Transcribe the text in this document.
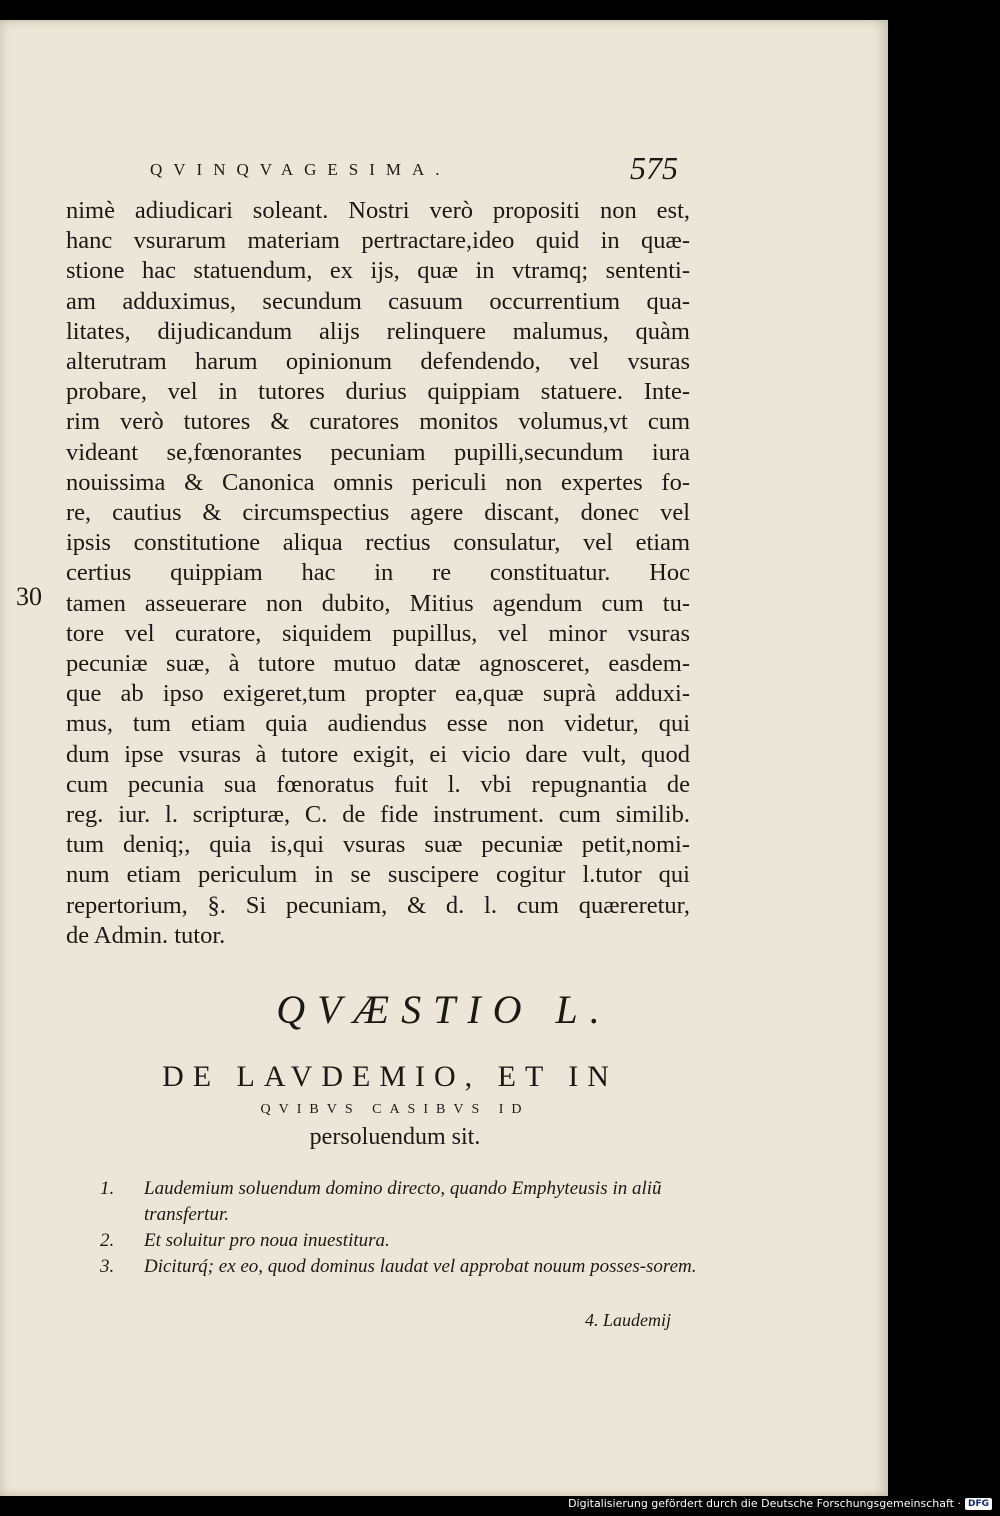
QVINQVAGESIMA.	575
30
nimè adiudicari soleant. Nostri verò propositi non est,
hanc vsurarum materiam pertractare,ideo quid in quæ-
stione hac statuendum, ex ijs, quæ in vtramq; sententi-
am adduximus, secundum casuum occurrentium qua-
litates, dijudicandum alijs relinquere malumus, quàm
alterutram harum opinionum defendendo, vel vsuras
probare, vel in tutores durius quippiam statuere. Inte-
rim verò tutores & curatores monitos volumus,vt cum
videant se,fœnorantes pecuniam pupilli,secundum iura
nouissima & Canonica omnis periculi non expertes fo-
re, cautius & circumspectius agere discant, donec vel
ipsis constitutione aliqua rectius consulatur, vel etiam
certius quippiam hac in re constituatur. Hoc
tamen asseuerare non dubito, Mitius agendum cum tu-
tore vel curatore, siquidem pupillus, vel minor vsuras
pecuniæ suæ, à tutore mutuo datæ agnosceret, easdem-
que ab ipso exigeret,tum propter ea,quæ suprà adduxi-
mus, tum etiam quia audiendus esse non videtur, qui
dum ipse vsuras à tutore exigit, ei vicio dare vult, quod
cum pecunia sua fœnoratus fuit l. vbi repugnantia de
reg. iur. l. scripturæ, C. de fide instrument. cum similib.
tum deniq;, quia is,qui vsuras suæ pecuniæ petit,nomi-
num etiam periculum in se suscipere cogitur l.tutor qui
repertorium, §. Si pecuniam, & d. l. cum quæreretur,
de Admin. tutor.
QVÆSTIO L.
DE LAVDEMIO, ET IN
QVIBVS CASIBVS ID
persoluendum sit.

1. Laudemium soluendum domino directo, quando Emphyteusis in aliũ transfertur.

2. Et soluitur pro noua inuestitura.

3. Diciturq́; ex eo, quod dominus laudat vel approbat nouum posses-sorem.

4. Laudemij
Digitalisierung gefördert durch die Deutsche Forschungsgemeinschaft · DFG
